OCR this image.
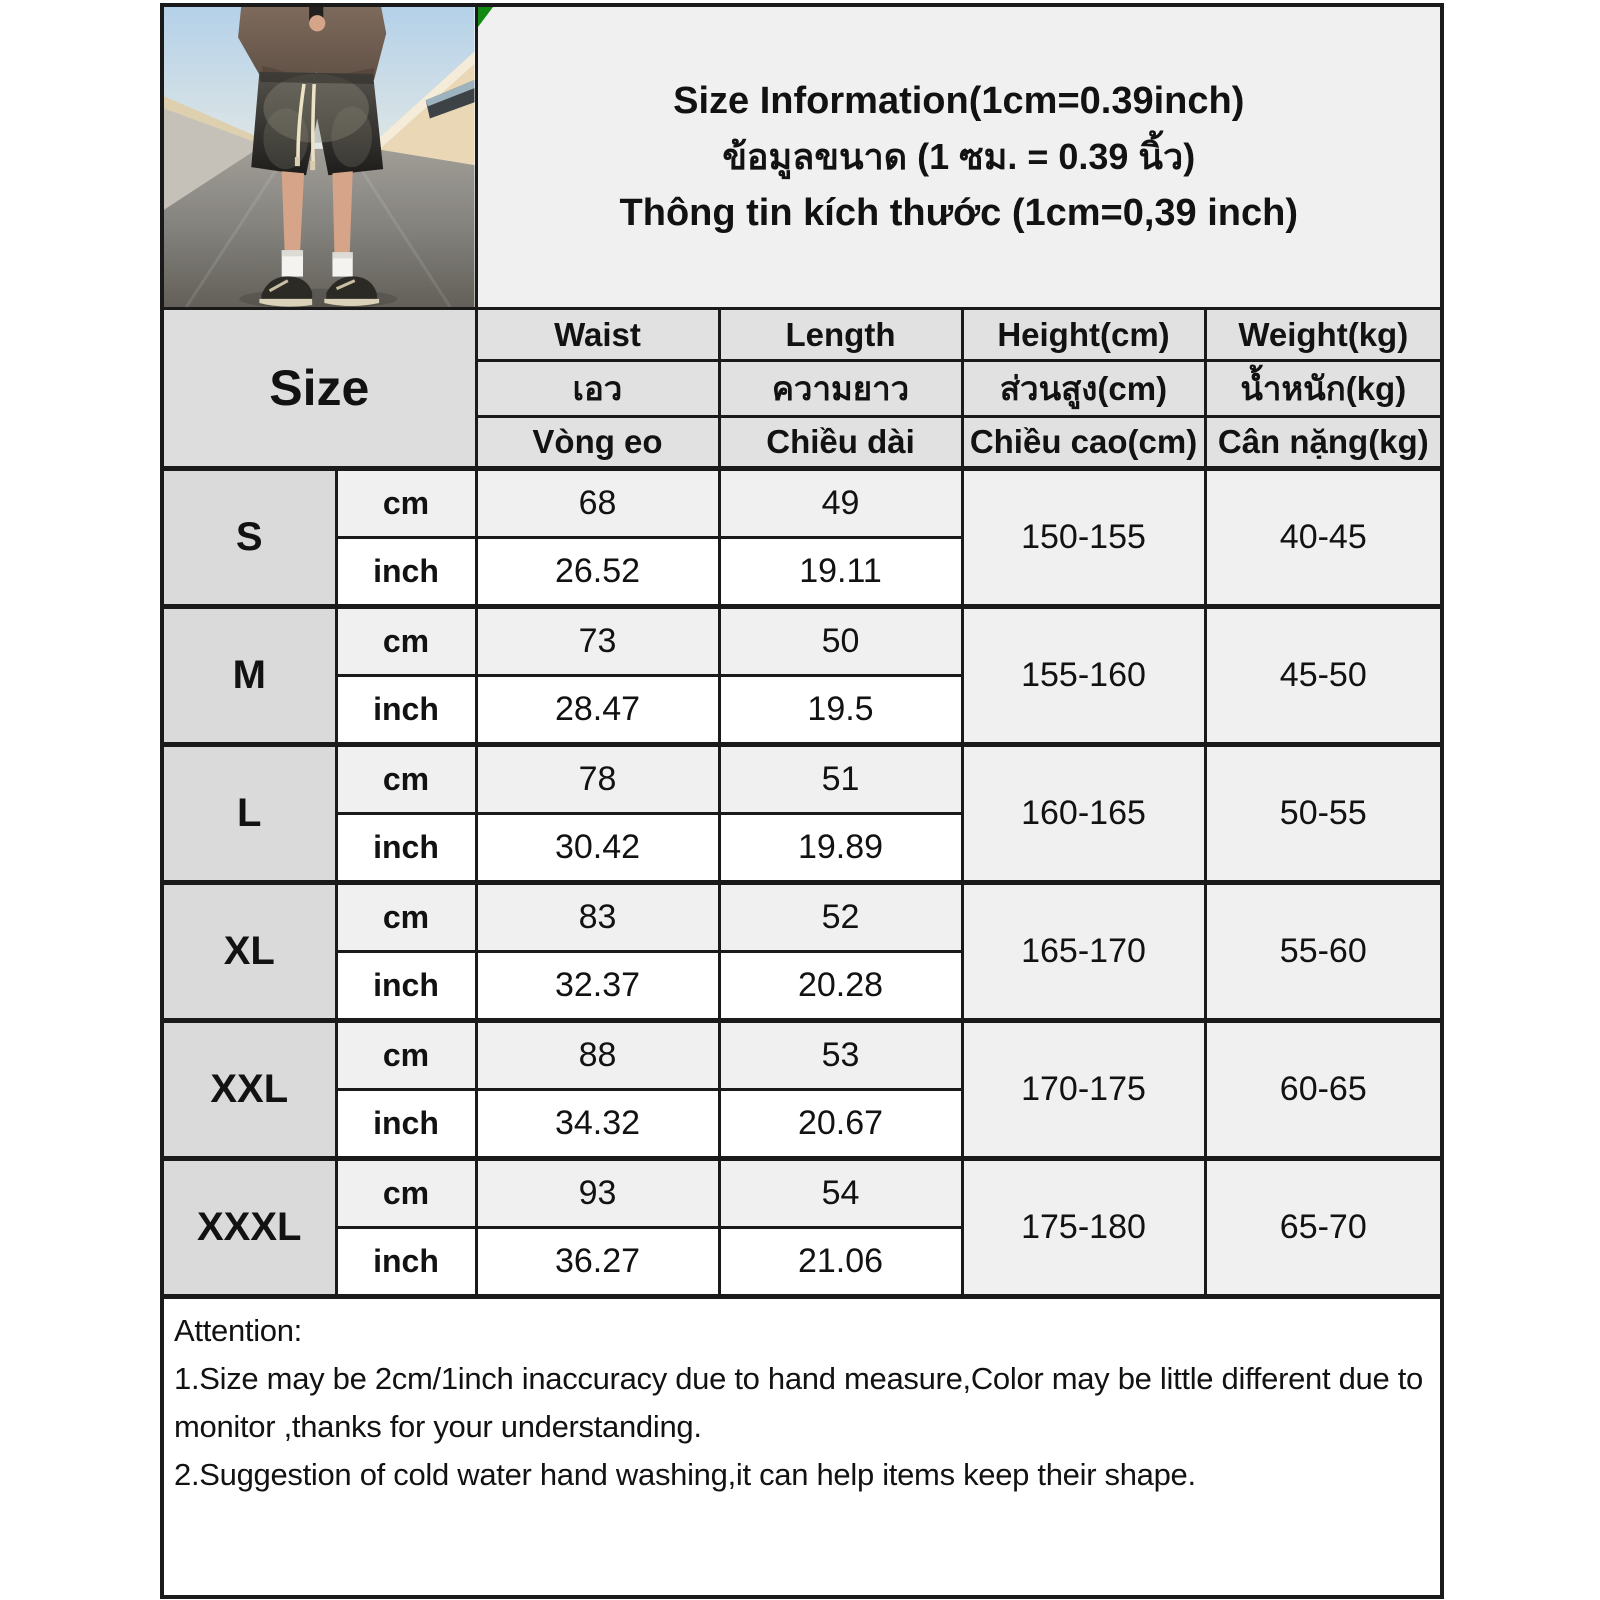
Size Information(1cm=0.39inch)
ข้อมูลขนาด (1 ซม. = 0.39 นิ้ว)
Thông tin kích thước (1cm=0,39 inch)			

Size		Waist	Length	Height(cm)	Weight(kg)
		เอว	ความยาว	ส่วนสูง(cm)	น้ำหนัก(kg)
		Vòng eo	Chiều dài	Chiều cao(cm)	Cân nặng(kg)
S	cm	68	49	150-155	40-45
	inch	26.52	19.11		
M	cm	73	50	155-160	45-50
	inch	28.47	19.5		
L	cm	78	51	160-165	50-55
	inch	30.42	19.89		
XL	cm	83	52	165-170	55-60
	inch	32.37	20.28		
XXL	cm	88	53	170-175	60-65
	inch	34.32	20.67		
XXXL	cm	93	54	175-180	65-70
	inch	36.27	21.06		

Attention:

1.Size may be 2cm/1inch inaccuracy due to hand measure,Color may be little different due to monitor ,thanks for your understanding.

2.Suggestion of cold water hand washing,it can help items keep their shape.					
